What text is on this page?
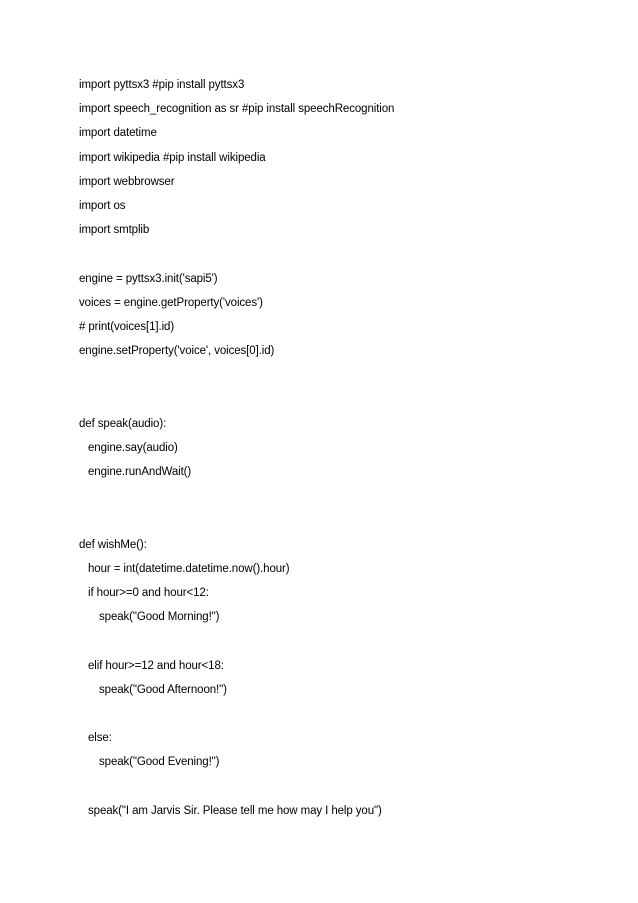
import pyttsx3 #pip install pyttsx3
import speech_recognition as sr #pip install speechRecognition
import datetime
import wikipedia #pip install wikipedia
import webbrowser
import os
import smtplib
engine = pyttsx3.init('sapi5')
voices = engine.getProperty('voices')
# print(voices[1].id)
engine.setProperty('voice', voices[0].id)
def speak(audio):
engine.say(audio)
engine.runAndWait()
def wishMe():
hour = int(datetime.datetime.now().hour)
if hour>=0 and hour<12:
speak("Good Morning!")
elif hour>=12 and hour<18:
speak("Good Afternoon!")
else:
speak("Good Evening!")
speak("I am Jarvis Sir. Please tell me how may I help you")
